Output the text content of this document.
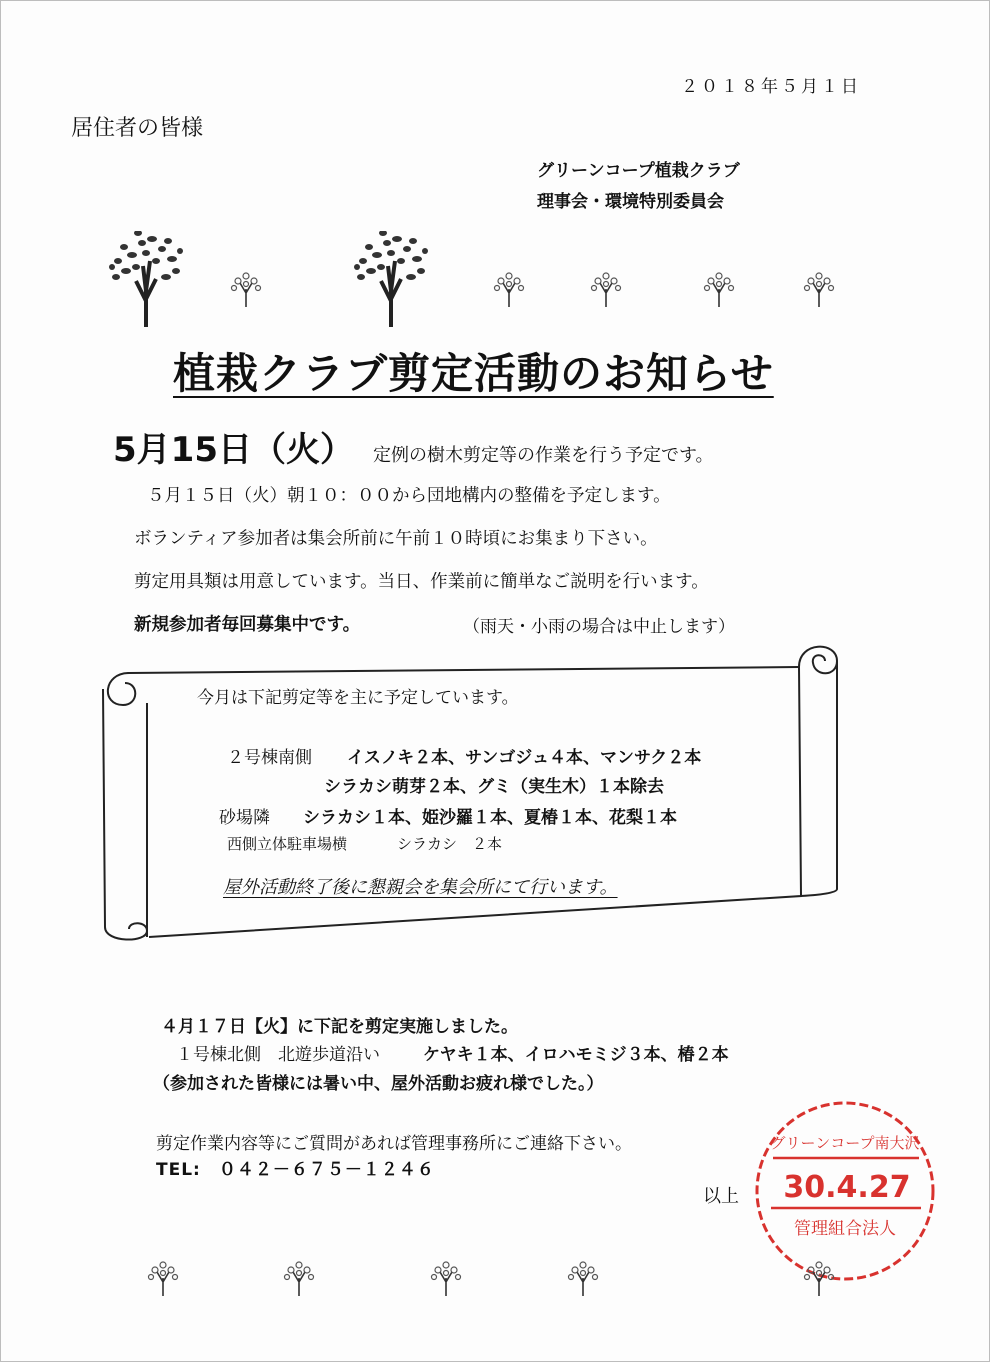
２０１８年５月１日
居住者の皆様
グリーンコープ植栽クラブ
理事会・環境特別委員会
植栽クラブ剪定活動のお知らせ
5月15日（火） 定例の樹木剪定等の作業を行う予定です。
５月１５日（火）朝１０：００から団地構内の整備を予定します。
ボランティア参加者は集会所前に午前１０時頃にお集まり下さい。
剪定用具類は用意しています。当日、作業前に簡単なご説明を行います。
新規参加者毎回募集中です。	（雨天・小雨の場合は中止します）
今月は下記剪定等を主に予定しています。
２号棟南側 イスノキ２本、サンゴジュ４本、マンサク２本
シラカシ萌芽２本、グミ（実生木）１本除去
砂場隣 シラカシ１本、姫沙羅１本、夏椿１本、花梨１本
西側立体駐車場横	シラカシ　２本
屋外活動終了後に懇親会を集会所にて行います。
４月１７日【火】に下記を剪定実施しました。
１号棟北側　北遊歩道沿い	ケヤキ１本、イロハモミジ３本、椿２本
（参加された皆様には暑い中、屋外活動お疲れ様でした。）
剪定作業内容等にご質問があれば管理事務所にご連絡下さい。
TEL:　０４２－６７５－１２４６
以上
グリーンコープ南大沢
30.4.27
管理組合法人
